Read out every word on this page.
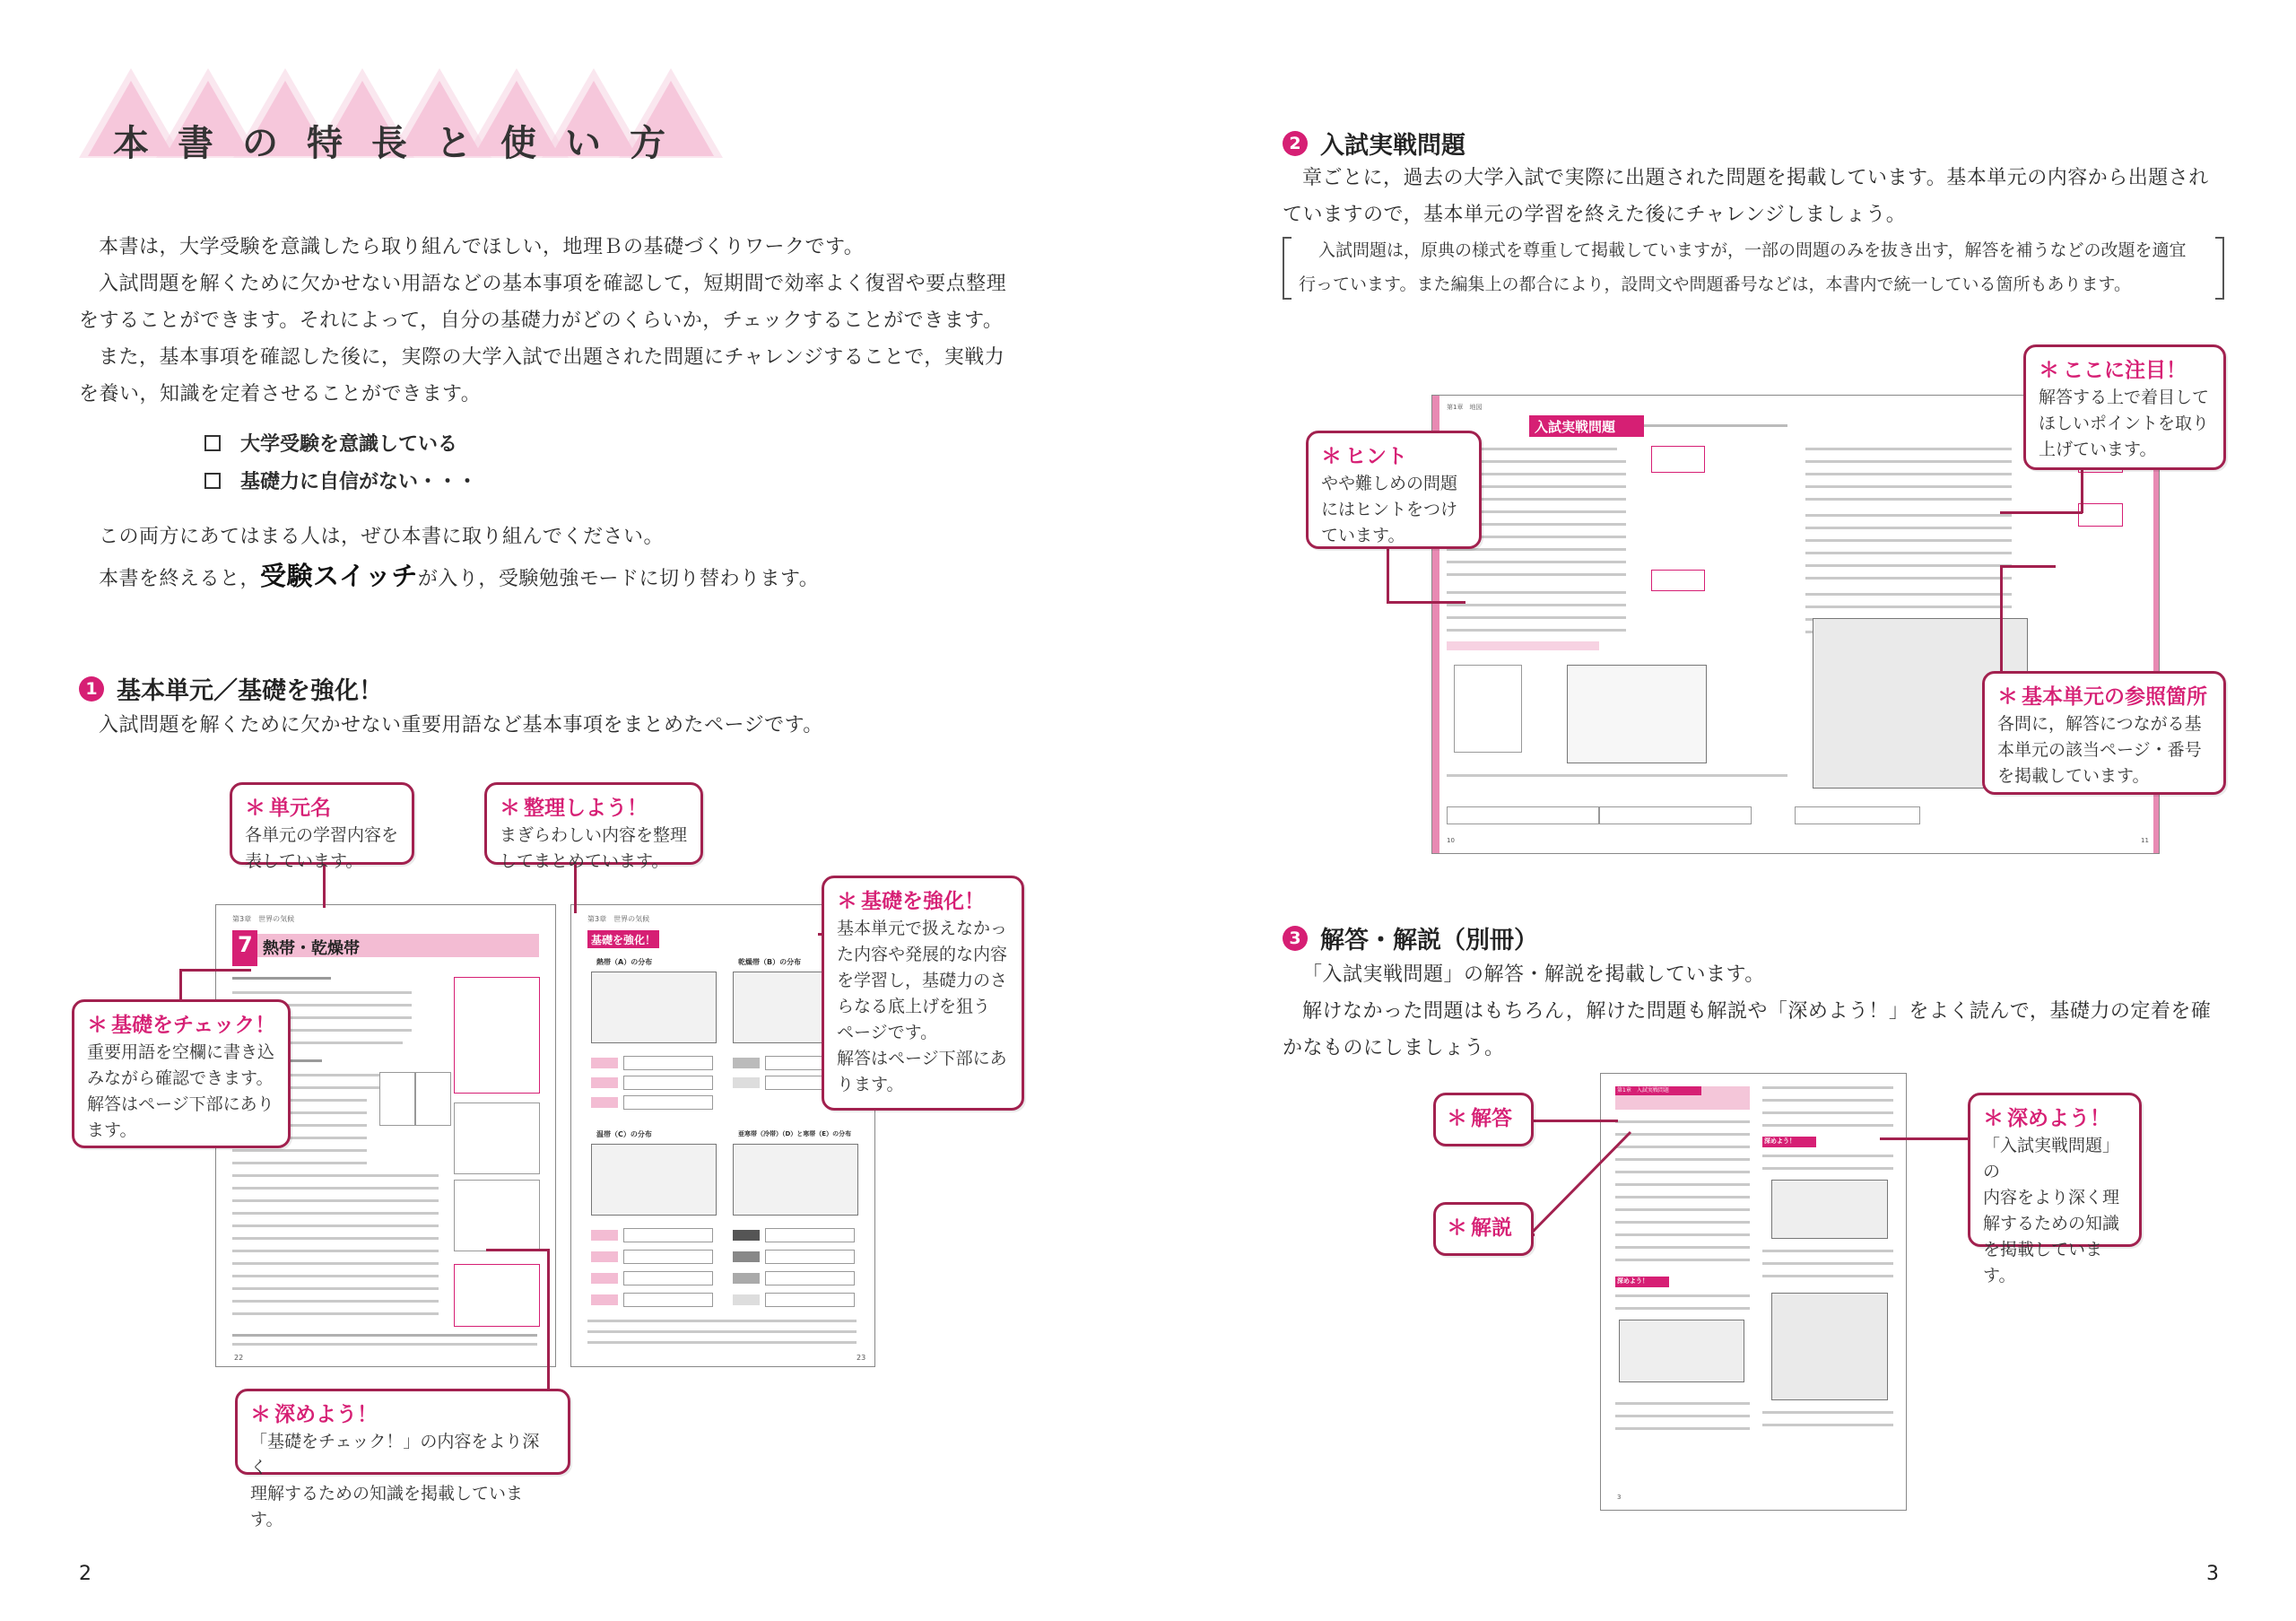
本 書 の 特 長 と 使 い 方
本書は，大学受験を意識したら取り組んでほしい，地理Ｂの基礎づくりワークです。
入試問題を解くために欠かせない用語などの基本事項を確認して，短期間で効率よく復習や要点整理
をすることができます。それによって，自分の基礎力がどのくらいか，チェックすることができます。
また，基本事項を確認した後に，実際の大学入試で出題された問題にチャレンジすることで，実戦力
を養い，知識を定着させることができます。
大学受験を意識している
基礎力に自信がない・・・
この両方にあてはまる人は，ぜひ本書に取り組んでください。
本書を終えると，受験スイッチが入り，受験勉強モードに切り替わります。
1 基本単元／基礎を強化！
入試問題を解くために欠かせない重要用語など基本事項をまとめたページです。
第3章　世界の気候
7 熱帯・乾燥帯
22
第3章　世界の気候
基礎を強化！
熱帯（A）の分布	乾燥帯（B）の分布
温帯（C）の分布	亜寒帯（冷帯）（D）と寒帯（E）の分布
23
＊ 単元名
各単元の学習内容を
表しています。
＊ 整理しよう！
まぎらわしい内容を整理
してまとめています。
＊ 基礎を強化！
基本単元で扱えなかっ
た内容や発展的な内容
を学習し，基礎力のさ
らなる底上げを狙う
ページです。
解答はページ下部にあ
ります。
＊ 基礎をチェック！
重要用語を空欄に書き込
みながら確認できます。
解答はページ下部にあり
ます。
＊ 深めよう！
「基礎をチェック！」の内容をより深く
理解するための知識を掲載しています。
2
2 入試実戦問題
章ごとに，過去の大学入試で実際に出題された問題を掲載しています。基本単元の内容から出題され
ていますので，基本単元の学習を終えた後にチャレンジしましょう。
入試問題は，原典の様式を尊重して掲載していますが，一部の問題のみを抜き出す，解答を補うなどの改題を適宜
行っています。また編集上の都合により，設問文や問題番号などは，本書内で統一している箇所もあります。
第1章　地図
入試実戦問題
10	11
＊ ヒント
やや難しめの問題
にはヒントをつけ
ています。
＊ ここに注目！
解答する上で着目して
ほしいポイントを取り
上げています。
＊ 基本単元の参照箇所
各問に，解答につながる基
本単元の該当ページ・番号
を掲載しています。
3 解答・解説（別冊）
「入試実戦問題」の解答・解説を掲載しています。
解けなかった問題はもちろん，解けた問題も解説や「深めよう！」をよく読んで，基礎力の定着を確
かなものにしましょう。
第1章　入試実戦問題
深めよう！
深めよう！
3
＊ 解答
＊ 解説
＊ 深めよう！
「入試実戦問題」の
内容をより深く理
解するための知識
を掲載しています。
3
